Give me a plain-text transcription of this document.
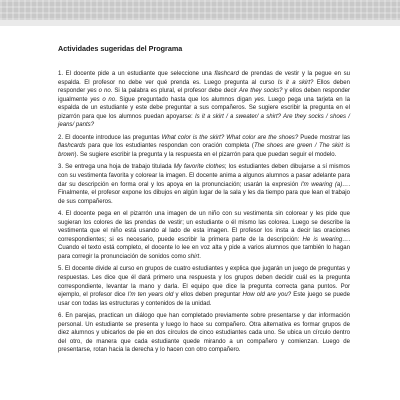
Actividades sugeridas del Programa

1. El docente pide a un estudiante que seleccione una flashcard de prendas de vestir y la pegue en su espalda. El profesor no debe ver qué prenda es. Luego pregunta al curso Is it a skirt? Ellos deben responder yes o no. Si la palabra es plural, el profesor debe decir Are they socks? y ellos deben responder igualmente yes o no. Sigue preguntado hasta que los alumnos digan yes. Luego pega una tarjeta en la espalda de un estudiante y este debe preguntar a sus compañeros. Se sugiere escribir la pregunta en el pizarrón para que los alumnos puedan apoyarse: Is it a skirt / a sweater/ a shirt? Are they socks / shoes / jeans/ pants?

2. El docente introduce las preguntas What color is the skirt? What color are the shoes? Puede mostrar las flashcards para que los estudiantes respondan con oración completa (The shoes are green / The skirt is brown). Se sugiere escribir la pregunta y la respuesta en el pizarrón para que puedan seguir el modelo.

3. Se entrega una hoja de trabajo titulada My favorite clothes; los estudiantes deben dibujarse a sí mismos con su vestimenta favorita y colorear la imagen. El docente anima a algunos alumnos a pasar adelante para dar su descripción en forma oral y los apoya en la pronunciación; usarán la expresión I'm wearing (a)…. Finalmente, el profesor expone los dibujos en algún lugar de la sala y les da tiempo para que lean el trabajo de sus compañeros.

4. El docente pega en el pizarrón una imagen de un niño con su vestimenta sin colorear y les pide que sugieran los colores de las prendas de vestir; un estudiante o él mismo las colorea. Luego se describe la vestimenta que el niño está usando al lado de esta imagen. El profesor los insta a decir las oraciones correspondientes; si es necesario, puede escribir la primera parte de la descripción: He is wearing…. Cuando el texto está completo, el docente lo lee en voz alta y pide a varios alumnos que también lo hagan para corregir la pronunciación de sonidos como shirt.

5. El docente divide al curso en grupos de cuatro estudiantes y explica que jugarán un juego de preguntas y respuestas. Les dice que él dará primero una respuesta y los grupos deben decidir cuál es la pregunta correspondiente, levantar la mano y darla. El equipo que dice la pregunta correcta gana puntos. Por ejemplo, el profesor dice I'm ten years old y ellos deben preguntar How old are you? Este juego se puede usar con todas las estructuras y contenidos de la unidad.

6. En parejas, practican un diálogo que han completado previamente sobre presentarse y dar información personal. Un estudiante se presenta y luego lo hace su compañero. Otra alternativa es formar grupos de diez alumnos y ubicarlos de pie en dos círculos de cinco estudiantes cada uno. Se ubica un círculo dentro del otro, de manera que cada estudiante quede mirando a un compañero y comienzan. Luego de presentarse, rotan hacia la derecha y lo hacen con otro compañero.
